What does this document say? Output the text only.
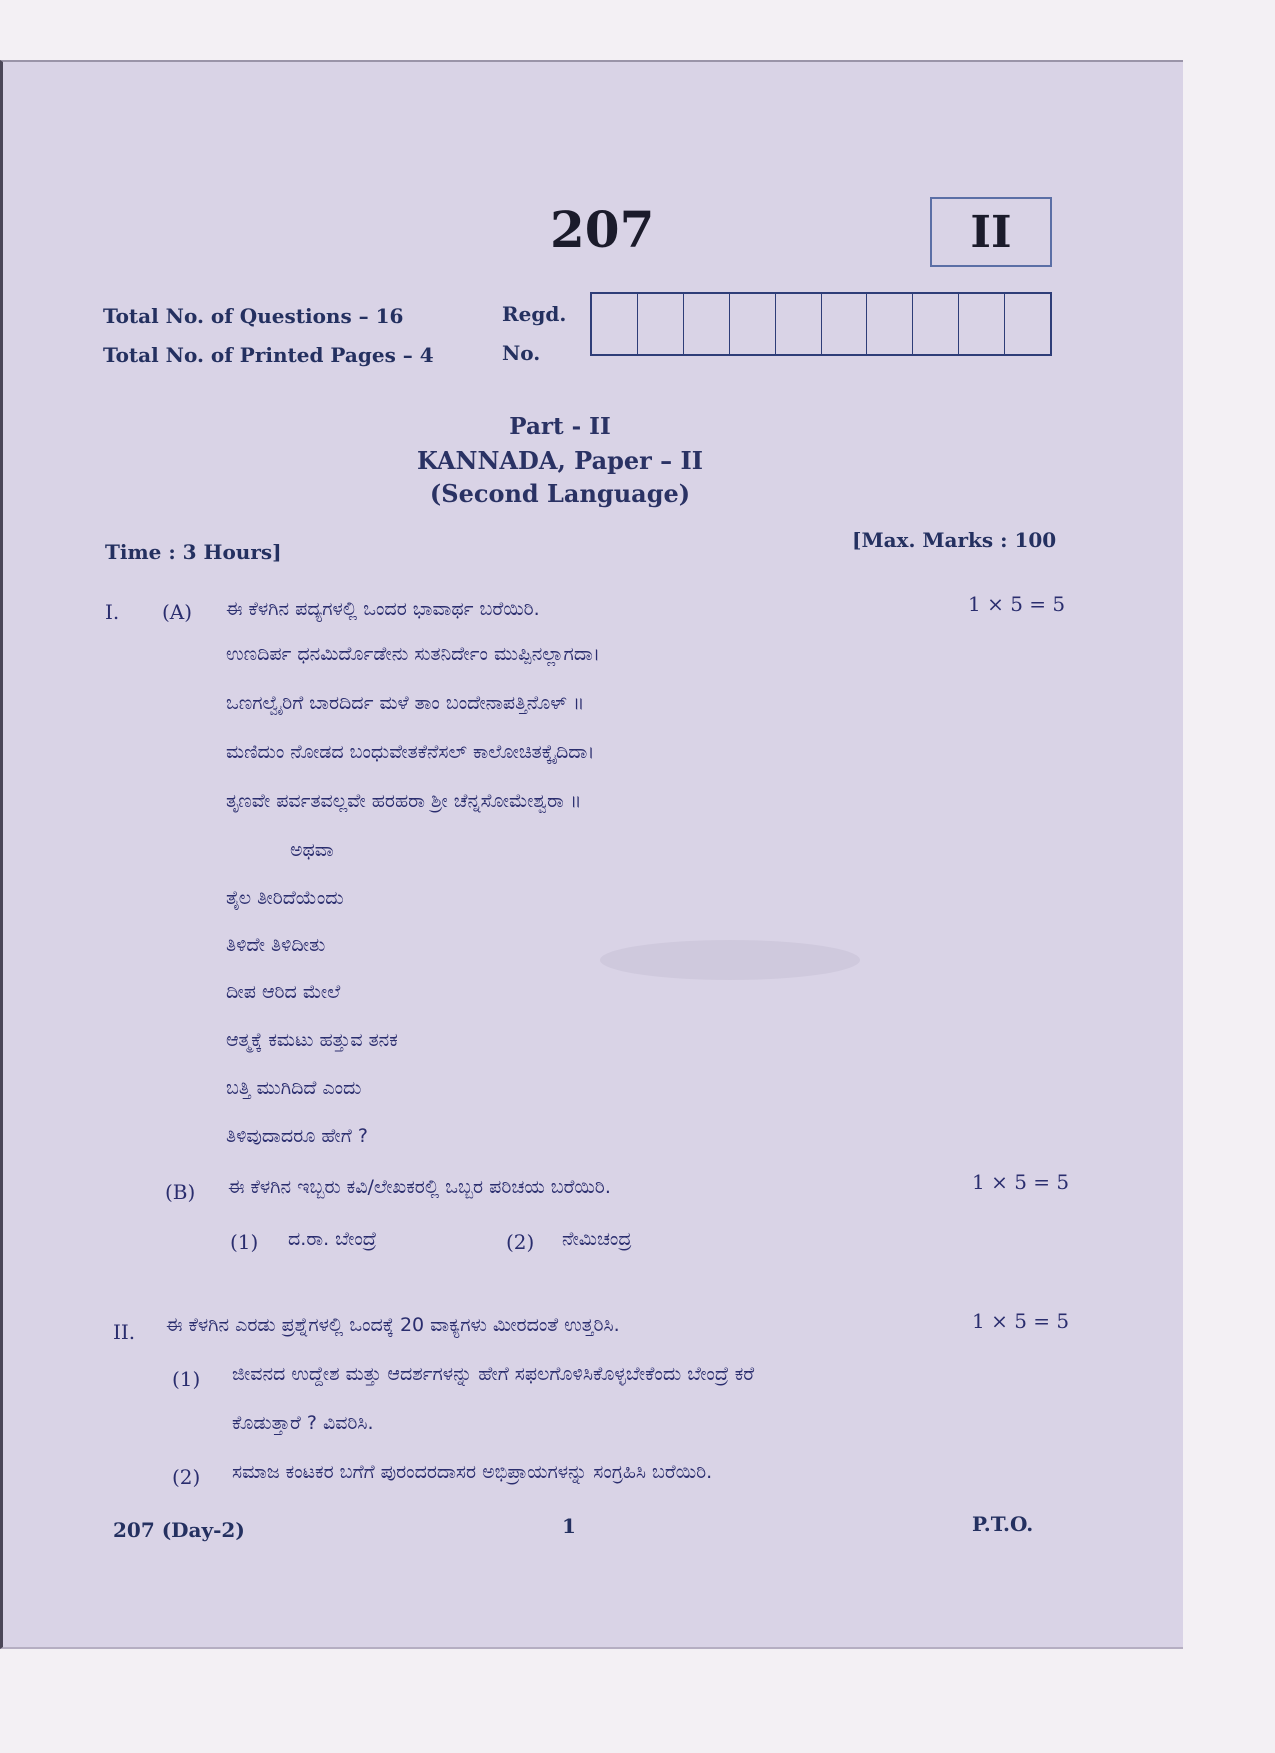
207	II
Total No. of Questions – 16
Total No. of Printed Pages – 4
Regd.
No.
Part - II
KANNADA, Paper – II
(Second Language)
Time : 3 Hours]	[Max. Marks : 100
I. (A) ಈ ಕೆಳಗಿನ ಪದ್ಯಗಳಲ್ಲಿ ಒಂದರ ಭಾವಾರ್ಥ ಬರೆಯಿರಿ.	1 × 5 = 5
ಉಣದಿರ್ಪ ಧನಮಿರ್ದೊಡೇನು ಸುತನಿರ್ದೇಂ ಮುಪ್ಪಿನಲ್ಲಾಗದಾ।
ಒಣಗಲ್ವೈರಿಗೆ ಬಾರದಿರ್ದ ಮಳೆ ತಾಂ ಬಂದೇನಾಪತ್ತಿನೊಳ್ ॥
ಮಣಿದುಂ ನೋಡದ ಬಂಧುವೇತಕೆನೆಸಲ್ ಕಾಲೋಚಿತಕ್ಕೈದಿದಾ।
ತೃಣವೇ ಪರ್ವತವಲ್ಲವೇ ಹರಹರಾ ಶ್ರೀ ಚೆನ್ನಸೋಮೇಶ್ವರಾ ॥
ಅಥವಾ
ತೈಲ ತೀರಿದೆಯೆಂದು
ತಿಳಿದೇ ತಿಳಿದೀತು
ದೀಪ ಆರಿದ ಮೇಲೆ
ಆತ್ಮಕ್ಕೆ ಕಮಟು ಹತ್ತುವ ತನಕ
ಬತ್ತಿ ಮುಗಿದಿದೆ ಎಂದು
ತಿಳಿವುದಾದರೂ ಹೇಗೆ ?
(B) ಈ ಕೆಳಗಿನ ಇಬ್ಬರು ಕವಿ/ಲೇಖಕರಲ್ಲಿ ಒಬ್ಬರ ಪರಿಚಯ ಬರೆಯಿರಿ.	1 × 5 = 5
(1) ದ.ರಾ. ಬೇಂದ್ರೆ	(2) ನೇಮಿಚಂದ್ರ
II. ಈ ಕೆಳಗಿನ ಎರಡು ಪ್ರಶ್ನೆಗಳಲ್ಲಿ ಒಂದಕ್ಕೆ 20 ವಾಕ್ಯಗಳು ಮೀರದಂತೆ ಉತ್ತರಿಸಿ.	1 × 5 = 5
(1) ಜೀವನದ ಉದ್ದೇಶ ಮತ್ತು ಆದರ್ಶಗಳನ್ನು ಹೇಗೆ ಸಫಲಗೊಳಿಸಿಕೊಳ್ಳಬೇಕೆಂದು ಬೇಂದ್ರೆ ಕರೆ
ಕೊಡುತ್ತಾರೆ ? ವಿವರಿಸಿ.
(2) ಸಮಾಜ ಕಂಟಕರ ಬಗೆಗೆ ಪುರಂದರದಾಸರ ಅಭಿಪ್ರಾಯಗಳನ್ನು ಸಂಗ್ರಹಿಸಿ ಬರೆಯಿರಿ.
207 (Day-2)	1	P.T.O.
